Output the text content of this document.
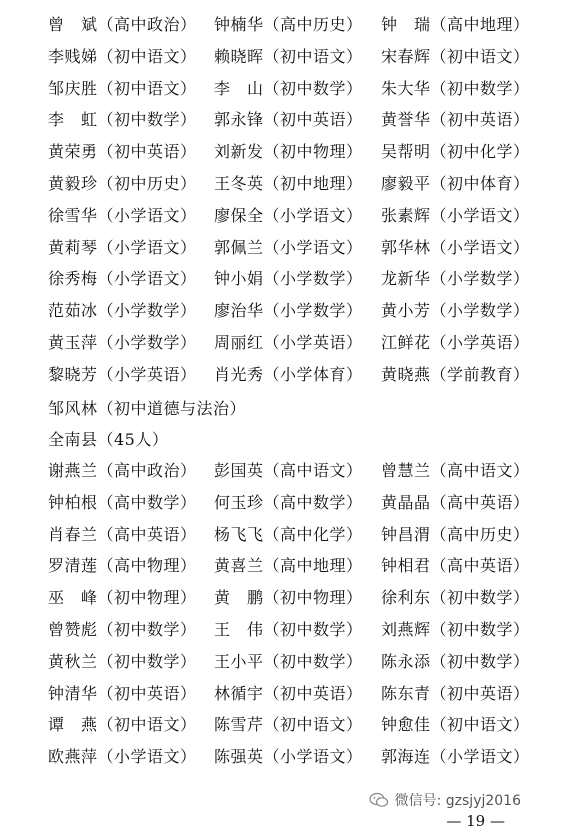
曾　斌（高中政治） 钟楠华（高中历史） 钟　瑞（高中地理）
李贱娣（初中语文） 赖晓晖（初中语文） 宋春辉（初中语文）
邹庆胜（初中语文） 李　山（初中数学） 朱大华（初中数学）
李　虹（初中数学） 郭永锋（初中英语） 黄誉华（初中英语）
黄荣勇（初中英语） 刘新发（初中物理） 吴帮明（初中化学）
黄毅珍（初中历史） 王冬英（初中地理） 廖毅平（初中体育）
徐雪华（小学语文） 廖保全（小学语文） 张素辉（小学语文）
黄莉琴（小学语文） 郭佩兰（小学语文） 郭华林（小学语文）
徐秀梅（小学语文） 钟小娟（小学数学） 龙新华（小学数学）
范茹冰（小学数学） 廖治华（小学数学） 黄小芳（小学数学）
黄玉萍（小学数学） 周丽红（小学英语） 江鲜花（小学英语）
黎晓芳（小学英语） 肖光秀（小学体育） 黄晓燕（学前教育）
邹风林（初中道德与法治）
全南县（45人）
谢燕兰（高中政治） 彭国英（高中语文） 曾慧兰（高中语文）
钟柏根（高中数学） 何玉珍（高中数学） 黄晶晶（高中英语）
肖春兰（高中英语） 杨飞飞（高中化学） 钟昌渭（高中历史）
罗清莲（高中物理） 黄喜兰（高中地理） 钟相君（高中英语）
巫　峰（初中物理） 黄　鹏（初中物理） 徐利东（初中数学）
曾赞彪（初中数学） 王　伟（初中数学） 刘燕辉（初中数学）
黄秋兰（初中数学） 王小平（初中数学） 陈永添（初中数学）
钟清华（初中英语） 林循宇（初中英语） 陈东青（初中英语）
谭　燕（初中语文） 陈雪芹（初中语文） 钟愈佳（初中语文）
欧燕萍（小学语文） 陈强英（小学语文） 郭海连（小学语文）
微信号: gzsjyj2016
— 19 —
